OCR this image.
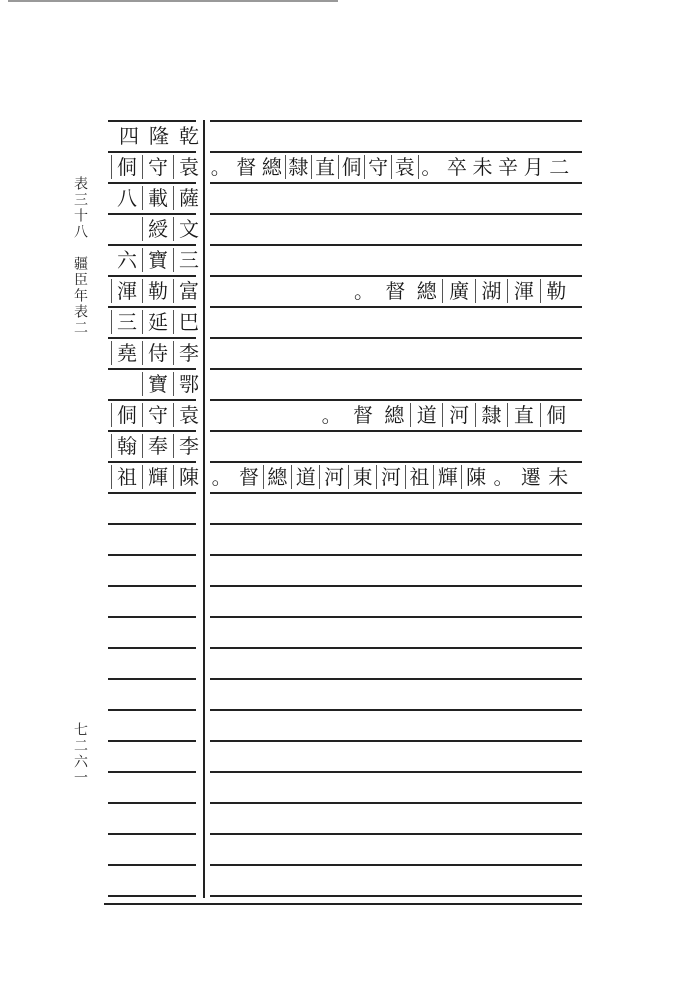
表三十八　疆臣年表二
七二六一
四 隆 乾
侗 守 袁
八 載 薩
綬 文
六 寶 三
渾 勒 富
三 延 巴
堯 侍 李
寶 鄂
侗 守 袁
翰 奉 李
祖 輝 陳
。 督 總 隸 直 侗 守 袁 。 卒 未 辛 月 二
。 督 總 廣 湖 渾 勒
。 督 總 道 河 隸 直 侗
。 督 總 道 河 東 河 祖 輝 陳 。 遷 未
